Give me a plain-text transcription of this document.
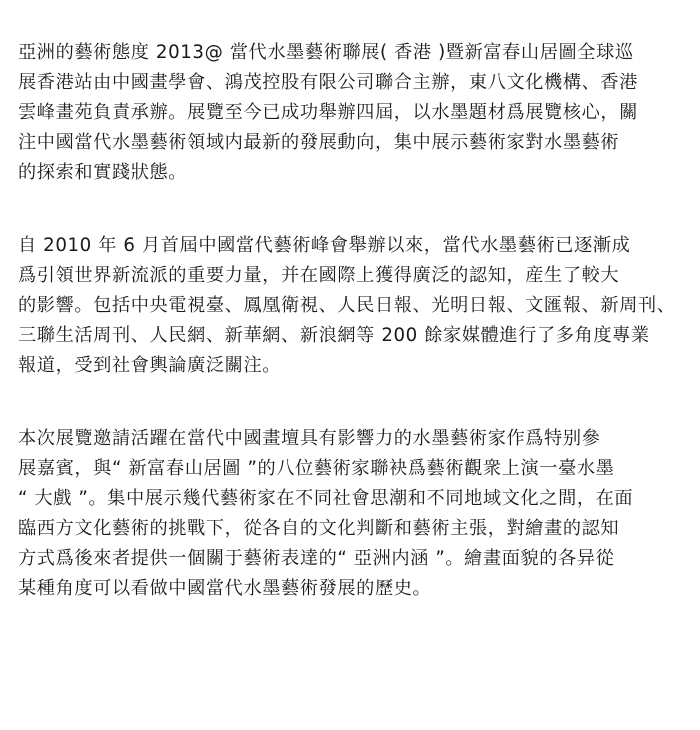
亞洲的藝術態度 2013@ 當代水墨藝術聯展( 香港 )暨新富春山居圖全球巡
展香港站由中國畫學會、鴻茂控股有限公司聯合主辦，東八文化機構、香港
雲峰畫苑負責承辦。展覽至今已成功舉辦四屆，以水墨題材爲展覽核心，關
注中國當代水墨藝術領域内最新的發展動向，集中展示藝術家對水墨藝術
的探索和實踐狀態。
自 2010 年 6 月首屆中國當代藝術峰會舉辦以來，當代水墨藝術已逐漸成
爲引領世界新流派的重要力量，并在國際上獲得廣泛的認知，産生了較大
的影響。包括中央電視臺、鳳凰衛視、人民日報、光明日報、文匯報、新周刊、
三聯生活周刊、人民網、新華網、新浪網等 200 餘家媒體進行了多角度專業
報道，受到社會輿論廣泛關注。
本次展覽邀請活躍在當代中國畫壇具有影響力的水墨藝術家作爲特别參
展嘉賓，與“ 新富春山居圖 ”的八位藝術家聯袂爲藝術觀衆上演一臺水墨
“ 大戲 ”。集中展示幾代藝術家在不同社會思潮和不同地域文化之間，在面
臨西方文化藝術的挑戰下，從各自的文化判斷和藝術主張，對繪畫的認知
方式爲後來者提供一個關于藝術表達的“ 亞洲内涵 ”。繪畫面貌的各异從
某種角度可以看做中國當代水墨藝術發展的歷史。
